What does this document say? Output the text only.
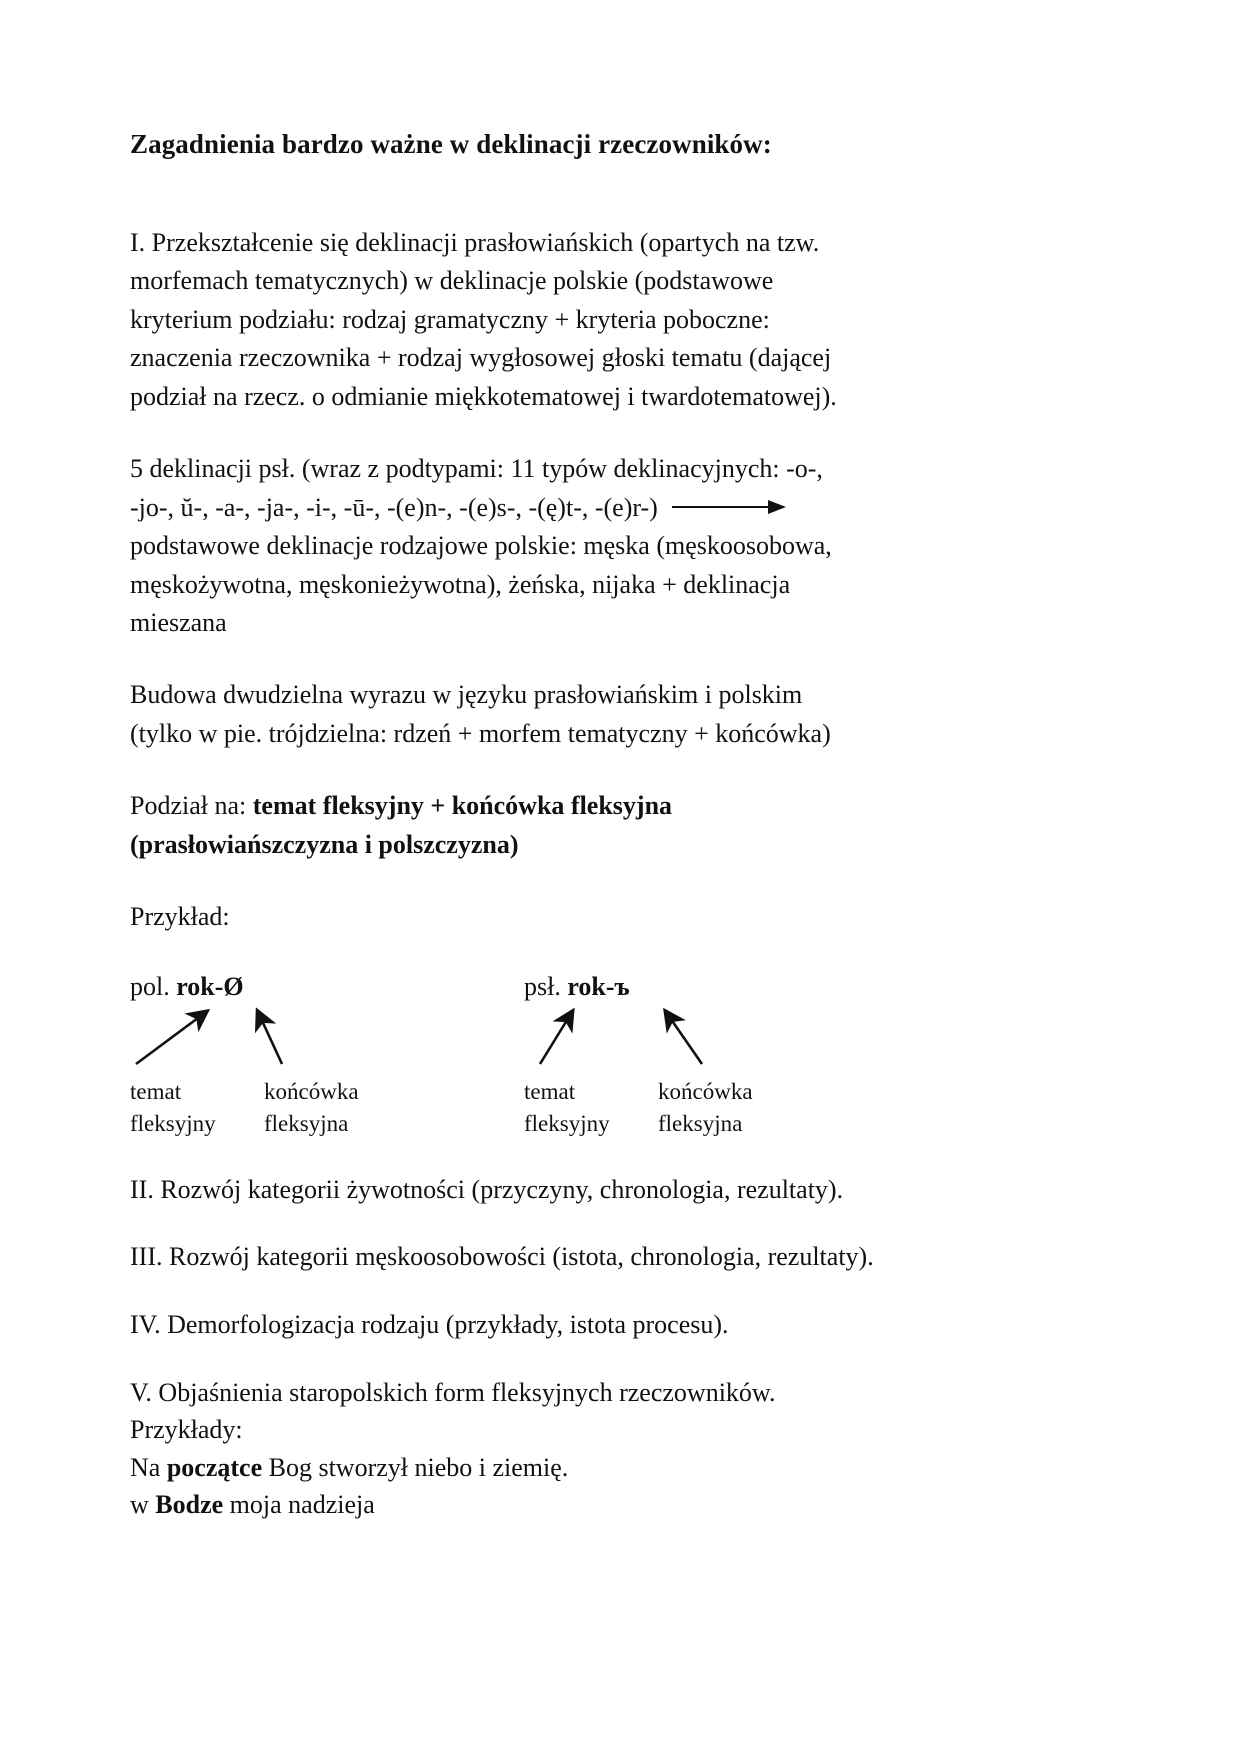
Zagadnienia bardzo ważne w deklinacji rzeczowników:

I. Przekształcenie się deklinacji prasłowiańskich (opartych na tzw.
morfemach tematycznych) w deklinacje polskie (podstawowe
kryterium podziału: rodzaj gramatyczny + kryteria poboczne:
znaczenia rzeczownika + rodzaj wygłosowej głoski tematu (dającej
podział na rzecz. o odmianie miękkotematowej i twardotematowej).

5 deklinacji psł. (wraz z podtypami: 11 typów deklinacyjnych: -o-,
-jo-, ŭ-, -a-, -ja-, -i-, -ū-, -(e)n-, -(e)s-, -(ę)t-, -(e)r-)

podstawowe deklinacje rodzajowe polskie: męska (męskoosobowa,
męskożywotna, męskonieżywotna), żeńska, nijaka + deklinacja
mieszana

Budowa dwudzielna wyrazu w języku prasłowiańskim i polskim
(tylko w pie. trójdzielna: rdzeń + morfem tematyczny + końcówka)

Podział na: temat fleksyjny + końcówka fleksyjna
(prasłowiańszczyzna i polszczyzna)

Przykład:

pol. rok-Ø
temat
fleksyjny
końcówka
fleksyjna
psł. rok-ъ
temat
fleksyjny
końcówka
fleksyjna

II. Rozwój kategorii żywotności (przyczyny, chronologia, rezultaty).

III. Rozwój kategorii męskoosobowości (istota, chronologia, rezultaty).

IV. Demorfologizacja rodzaju (przykłady, istota procesu).

V. Objaśnienia staropolskich form fleksyjnych rzeczowników.
Przykłady:
Na początce Bog stworzył niebo i ziemię.
w Bodze moja nadzieja
